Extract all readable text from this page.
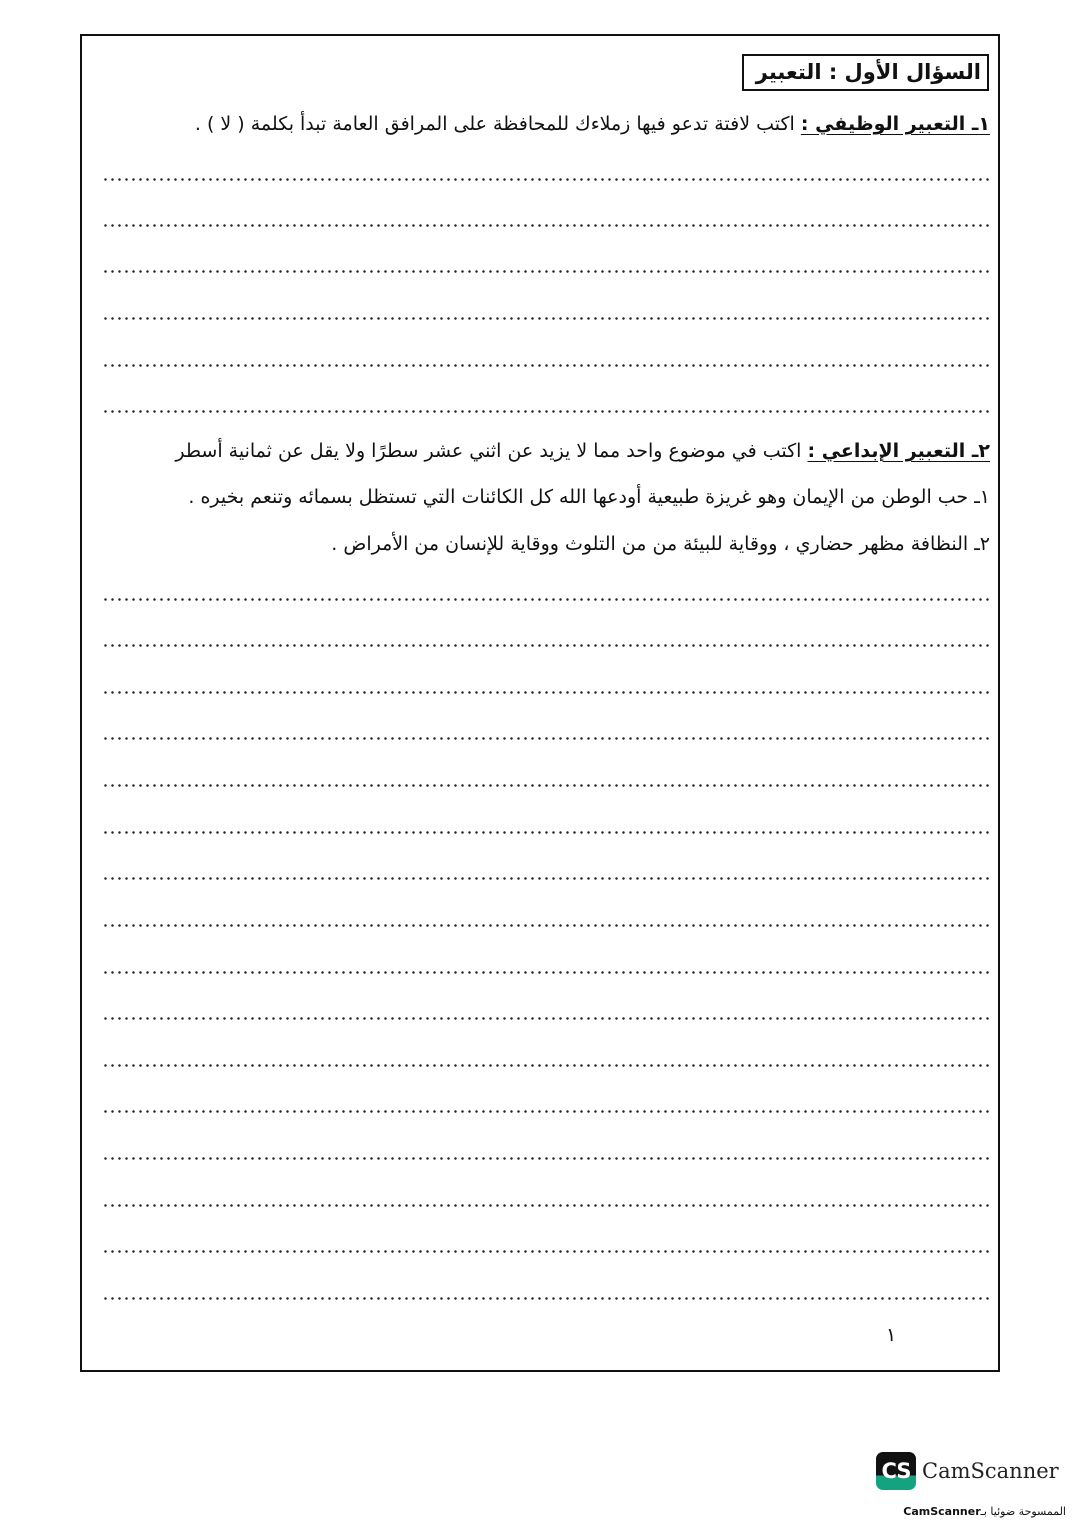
السؤال الأول : التعبير
١ـ التعبير الوظيفي : اكتب لافتة تدعو فيها زملاءك للمحافظة على المرافق العامة تبدأ بكلمة ( لا ) .
٢ـ التعبير الإبداعي : اكتب في موضوع واحد مما لا يزيد عن اثني عشر سطرًا ولا يقل عن ثمانية أسطر
١ـ حب الوطن من الإيمان وهو غريزة طبيعية أودعها الله كل الكائنات التي تستظل بسمائه وتنعم بخيره .
٢ـ النظافة مظهر حضاري ، ووقاية للبيئة من من التلوث ووقاية للإنسان من الأمراض .
١
CS CamScanner
الممسوحة ضوئيا بـCamScanner
